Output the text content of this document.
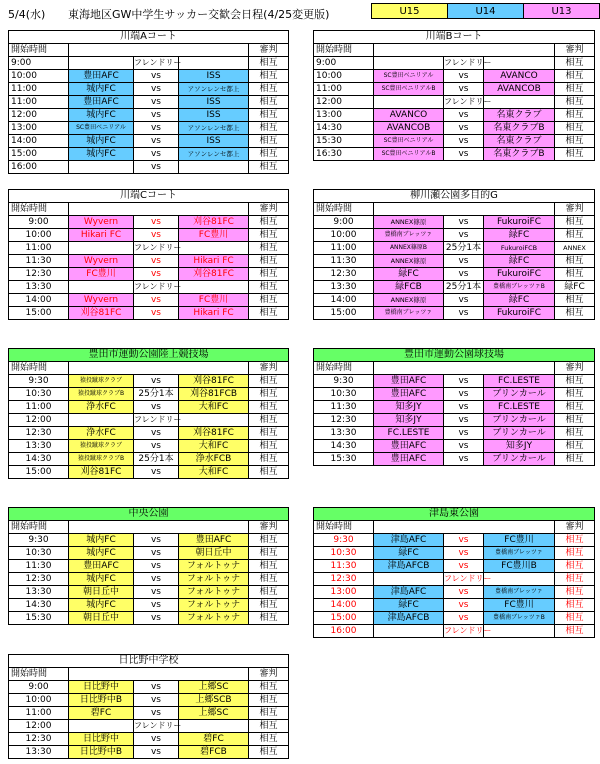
5/4(水)	東海地区GW中学生サッカー交歓会日程(4/25変更版)	U15	U14	U13
川端Aコート				
開始時間				審判
9:00		フレンドリー		相互
10:00	豊田AFC	vs	ISS	相互
11:00	城内FC	vs	アソンレンセ都上	相互
11:00	豊田AFC	vs	ISS	相互
12:00	城内FC	vs	ISS	相互
13:00	SC豊田ベニリアル	vs	アソンレンセ都上	相互
14:00	城内FC	vs	ISS	相互
15:00	城内FC	vs	アソンレンセ都上	相互
16:00		vs		相互
川端Bコート				
開始時間				審判
9:00		フレンドリー		相互
10:00	SC豊田ベニリアル	vs	AVANCO	相互
11:00	SC豊田ベニリアルB	vs	AVANCOB	相互
12:00		フレンドリー		相互
13:00	AVANCO	vs	名東クラブ	相互
14:30	AVANCOB	vs	名東クラブB	相互
15:30	SC豊田ベニリアル	vs	名東クラブ	相互
16:30	SC豊田ベニリアルB	vs	名東クラブB	相互
川端Cコート				
開始時間				審判
9:00	Wyvern	vs	刈谷81FC	相互
10:00	Hikari FC	vs	FC豊川	相互
11:00		フレンドリー		相互
11:30	Wyvern	vs	Hikari FC	相互
12:30	FC豊川	vs	刈谷81FC	相互
13:30		フレンドリー		相互
14:00	Wyvern	vs	FC豊川	相互
15:00	刈谷81FC	vs	Hikari FC	相互
柳川瀬公園多目的G				
開始時間				審判
9:00	ANNEX篠原	vs	FukuroiFC	相互
10:00	豊橋南ブレッツァ	vs	緑FC	相互
11:00	ANNEX篠原B	25分1本	FukuroiFCB	ANNEX
11:30	ANNEX篠原	vs	緑FC	相互
12:30	緑FC	vs	FukuroiFC	相互
13:30	緑FCB	25分1本	豊橋南ブレッツァB	緑FC
14:00	ANNEX篠原	vs	緑FC	相互
15:00	豊橋南ブレッツァ	vs	FukuroiFC	相互
豊田市運動公園陸上競技場				
開始時間				審判
9:30	猿投蹴球クラブ	vs	刈谷81FC	相互
10:30	猿投蹴球クラブB	25分1本	刈谷81FCB	相互
11:00	浄水FC	vs	大和FC	相互
12:00		フレンドリー		相互
12:30	浄水FC	vs	刈谷81FC	相互
13:30	猿投蹴球クラブ	vs	大和FC	相互
14:30	猿投蹴球クラブB	25分1本	浄水FCB	相互
15:00	刈谷81FC	vs	大和FC	相互
豊田市運動公園球技場				
開始時間				審判
9:30	豊田AFC	vs	FC.LESTE	相互
10:30	豊田AFC	vs	ブリンカール	相互
11:30	知多JY	vs	FC.LESTE	相互
12:30	知多JY	vs	ブリンカール	相互
13:30	FC.LESTE	vs	ブリンカール	相互
14:30	豊田AFC	vs	知多JY	相互
15:30	豊田AFC	vs	ブリンカール	相互
中央公園				
開始時間				審判
9:30	城内FC	vs	豊田AFC	相互
10:30	城内FC	vs	朝日丘中	相互
11:30	豊田AFC	vs	フォルトゥナ	相互
12:30	城内FC	vs	フォルトゥナ	相互
13:30	朝日丘中	vs	フォルトゥナ	相互
14:30	城内FC	vs	フォルトゥナ	相互
15:30	朝日丘中	vs	フォルトゥナ	相互
津島東公園				
開始時間				審判
9:30	津島AFC	vs	FC豊川	相互
10:30	緑FC	vs	豊橋南ブレッツァ	相互
11:30	津島AFCB	vs	FC豊川B	相互
12:30		フレンドリー		相互
13:00	津島AFC	vs	豊橋南ブレッツァ	相互
14:00	緑FC	vs	FC豊川	相互
15:00	津島AFCB	vs	豊橋南ブレッツァB	相互
16:00		フレンドリー		相互
日比野中学校				
開始時間				審判
9:00	日比野中	vs	上郷SC	相互
10:00	日比野中B	vs	上郷SCB	相互
11:00	碧FC	vs	上郷SC	相互
12:00		フレンドリー		相互
12:30	日比野中	vs	碧FC	相互
13:30	日比野中B	vs	碧FCB	相互
